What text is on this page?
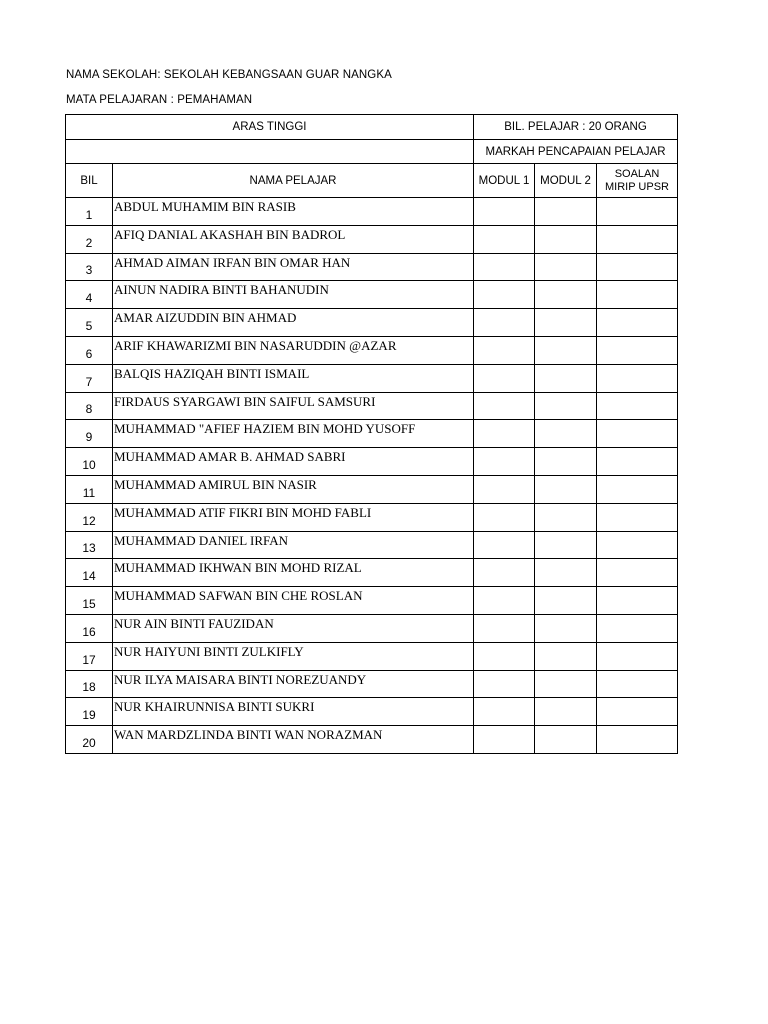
NAMA SEKOLAH: SEKOLAH KEBANGSAAN GUAR NANGKA
MATA PELAJARAN : PEMAHAMAN
ARAS TINGGI		BIL. PELAJAR : 20 ORANG		
		MARKAH PENCAPAIAN PELAJAR		
BIL	NAMA PELAJAR	MODUL 1	MODUL 2	SOALAN
MIRIP UPSR

1	ABDUL MUHAMIM BIN RASIB			
2	AFIQ DANIAL AKASHAH BIN BADROL			
3	AHMAD AIMAN IRFAN BIN OMAR HAN			
4	AINUN NADIRA BINTI BAHANUDIN			
5	AMAR AIZUDDIN BIN AHMAD			
6	ARIF KHAWARIZMI BIN NASARUDDIN @AZAR			
7	BALQIS HAZIQAH BINTI ISMAIL			
8	FIRDAUS SYARGAWI BIN SAIFUL SAMSURI			
9	MUHAMMAD "AFIEF HAZIEM BIN MOHD YUSOFF			
10	MUHAMMAD AMAR B. AHMAD SABRI			
11	MUHAMMAD AMIRUL BIN NASIR			
12	MUHAMMAD ATIF FIKRI BIN MOHD FABLI			
13	MUHAMMAD DANIEL IRFAN			
14	MUHAMMAD IKHWAN BIN MOHD RIZAL			
15	MUHAMMAD SAFWAN BIN CHE ROSLAN			
16	NUR AIN BINTI FAUZIDAN			
17	NUR HAIYUNI BINTI ZULKIFLY			
18	NUR ILYA MAISARA BINTI NOREZUANDY			
19	NUR KHAIRUNNISA BINTI SUKRI			
20	WAN MARDZLINDA BINTI WAN NORAZMAN			
